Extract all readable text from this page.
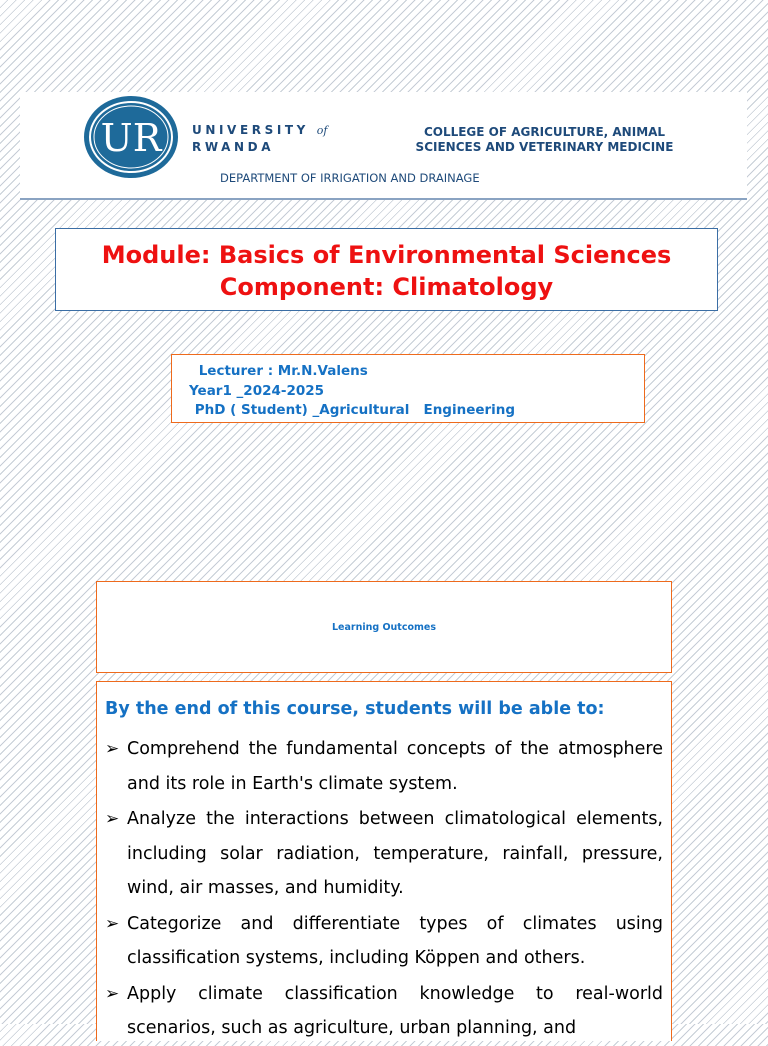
UR	UNIVERSITY of
RWANDA
COLLEGE OF AGRICULTURE, ANIMAL
SCIENCES AND VETERINARY MEDICINE
DEPARTMENT OF IRRIGATION AND DRAINAGE
Module: Basics of Environmental Sciences
Component: Climatology
Lecturer : Mr.N.Valens
Year1 _2024-2025
PhD ( Student) _Agricultural   Engineering
Learning Outcomes

By the end of this course, students will be able to:

➢ Comprehend the fundamental concepts of the atmosphere and its role in Earth's climate system.
➢ Analyze the interactions between climatological elements, including solar radiation, temperature, rainfall, pressure, wind, air masses, and humidity.
➢ Categorize and differentiate types of climates using classification systems, including Köppen and others.
➢ Apply climate classification knowledge to real-world scenarios, such as agriculture, urban planning, and
